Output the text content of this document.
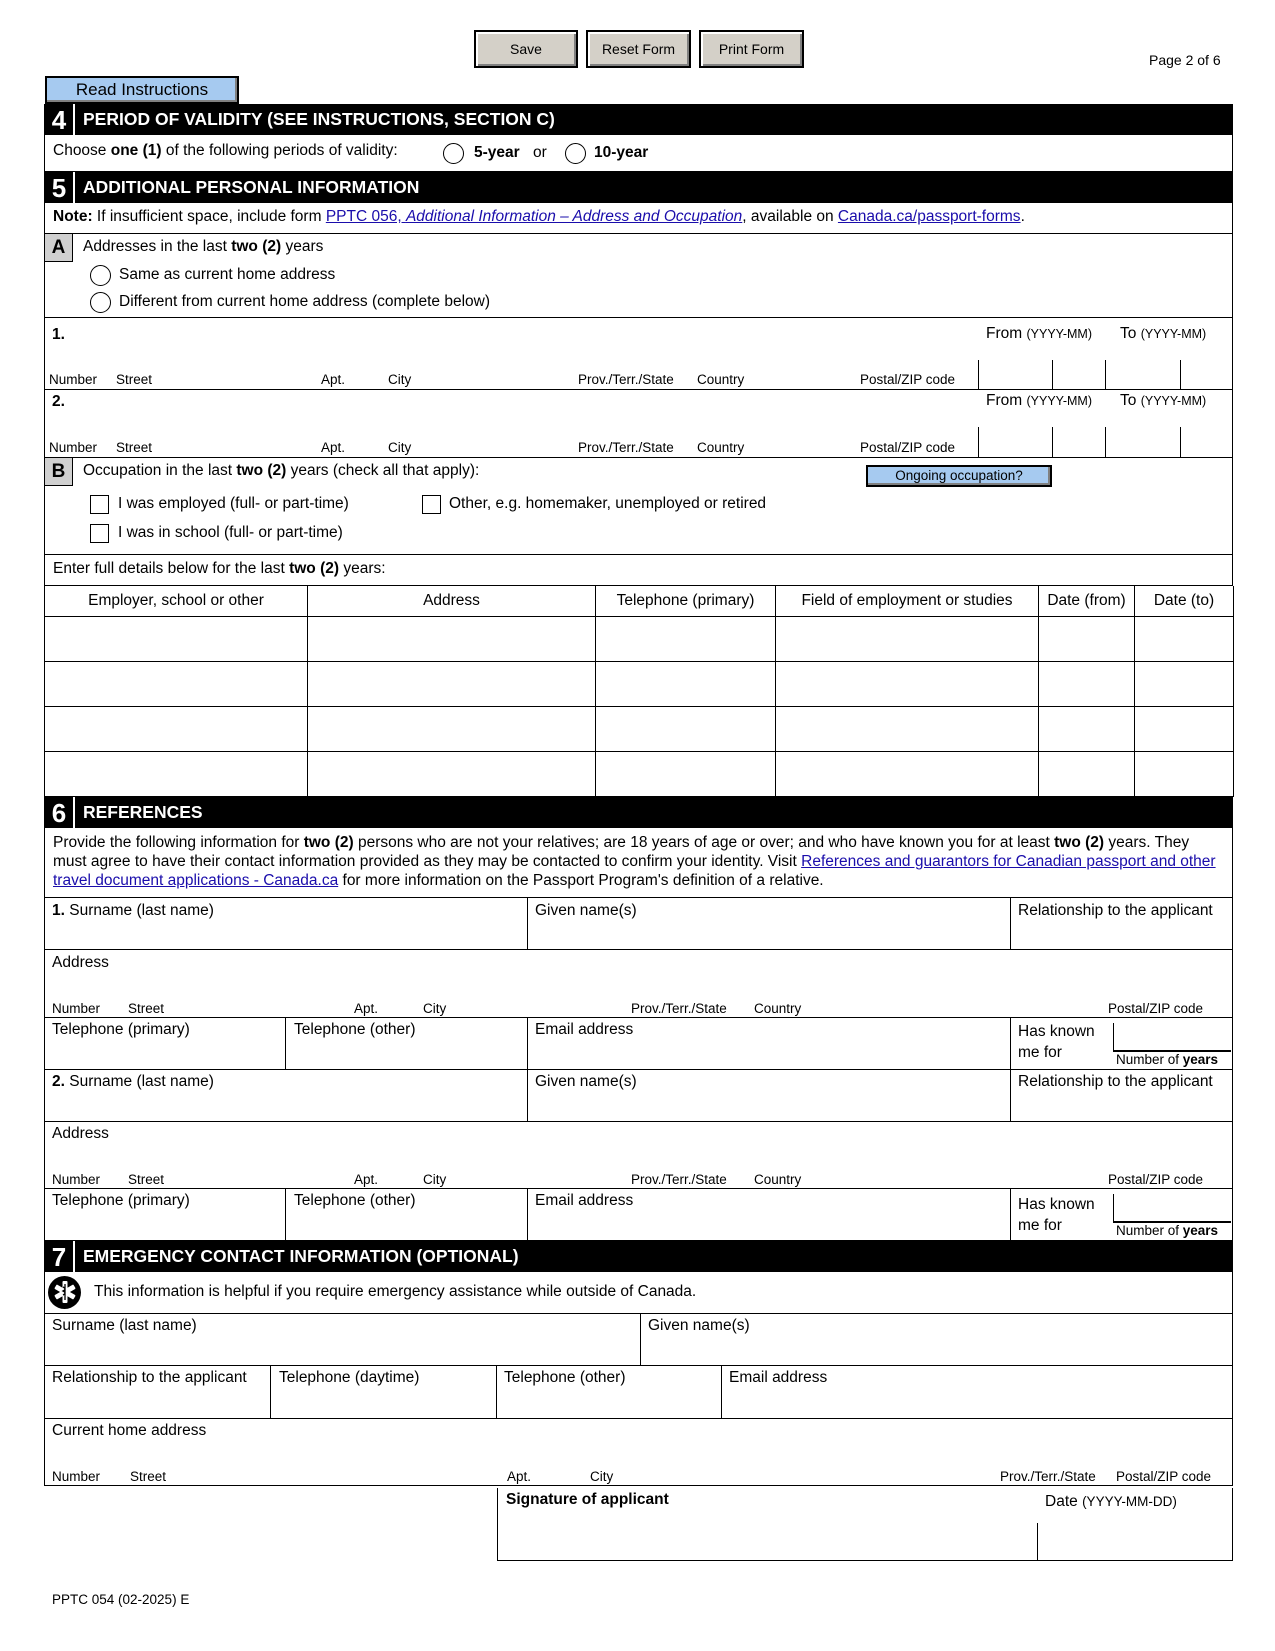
Save	Reset Form	Print Form
Page 2 of 6
Read Instructions
4 PERIOD OF VALIDITY (SEE INSTRUCTIONS, SECTION C)
Choose one (1) of the following periods of validity:	5-year or	10-year
5 ADDITIONAL PERSONAL INFORMATION
Note: If insufficient space, include form PPTC 056, Additional Information – Address and Occupation, available on Canada.ca/passport-forms.
A	Addresses in the last two (2) years
Same as current home address
Different from current home address (complete below)
1.	From (YYYY-MM) To (YYYY-MM)
Number Street	Apt.	City	Prov./Terr./State Country	Postal/ZIP code
2.	From (YYYY-MM) To (YYYY-MM)
Number Street	Apt.	City	Prov./Terr./State Country	Postal/ZIP code
B	Occupation in the last two (2) years (check all that apply):	Ongoing occupation?
I was employed (full- or part-time)	Other, e.g. homemaker, unemployed or retired
I was in school (full- or part-time)
Enter full details below for the last two (2) years:
Employer, school or other	Address	Telephone (primary)	Field of employment or studies	Date (from)	Date (to)

6 REFERENCES
Provide the following information for two (2) persons who are not your relatives; are 18 years of age or over; and who have known you for at least two (2) years. They must agree to have their contact information provided as they may be contacted to confirm your identity. Visit References and guarantors for Canadian passport and other travel document applications - Canada.ca for more information on the Passport Program's definition of a relative.
1. Surname (last name)	Given name(s)	Relationship to the applicant
Address
Number Street	Apt.	City	Prov./Terr./State Country	Postal/ZIP code
Telephone (primary)	Telephone (other)	Email address	Has known
me for	Number of years
2. Surname (last name)	Given name(s)	Relationship to the applicant
Address
Number Street	Apt.	City	Prov./Terr./State Country	Postal/ZIP code
Telephone (primary)	Telephone (other)	Email address	Has known
me for	Number of years
7 EMERGENCY CONTACT INFORMATION (OPTIONAL)
This information is helpful if you require emergency assistance while outside of Canada.
Surname (last name)	Given name(s)
Relationship to the applicant Telephone (daytime)	Telephone (other)	Email address
Current home address
Number Street	Apt.	City	Prov./Terr./State Postal/ZIP code
Signature of applicant	Date (YYYY-MM-DD)
PPTC 054 (02-2025) E
